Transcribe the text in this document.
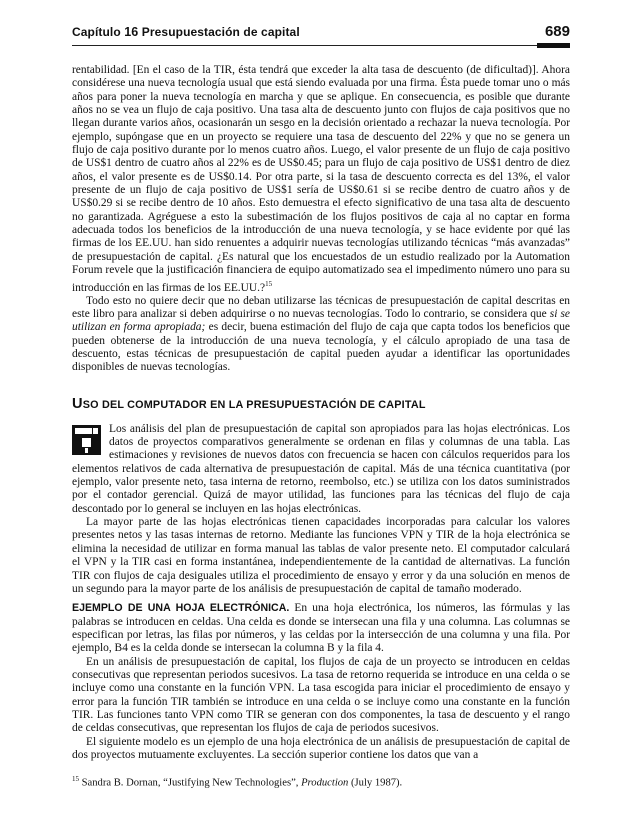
Capítulo 16 Presupuestación de capital	689

rentabilidad. [En el caso de la TIR, ésta tendrá que exceder la alta tasa de descuento (de dificultad)]. Ahora considérese una nueva tecnología usual que está siendo evaluada por una firma. Ésta puede tomar uno o más años para poner la nueva tecnología en marcha y que se aplique. En consecuencia, es posible que durante años no se vea un flujo de caja positivo. Una tasa alta de descuento junto con flujos de caja positivos que no llegan durante varios años, ocasionarán un sesgo en la decisión orientado a rechazar la nueva tecnología. Por ejemplo, supóngase que en un proyecto se requiere una tasa de descuento del 22% y que no se genera un flujo de caja positivo durante por lo menos cuatro años. Luego, el valor presente de un flujo de caja positivo de US$1 dentro de cuatro años al 22% es de US$0.45; para un flujo de caja positivo de US$1 dentro de diez años, el valor presente es de US$0.14. Por otra parte, si la tasa de descuento correcta es del 13%, el valor presente de un flujo de caja positivo de US$1 sería de US$0.61 si se recibe dentro de cuatro años y de US$0.29 si se recibe dentro de 10 años. Esto demuestra el efecto significativo de una tasa alta de descuento no garantizada. Agréguese a esto la subestimación de los flujos positivos de caja al no captar en forma adecuada todos los beneficios de la introducción de una nueva tecnología, y se hace evidente por qué las firmas de los EE.UU. han sido renuentes a adquirir nuevas tecnologías utilizando técnicas “más avanzadas” de presupuestación de capital. ¿Es natural que los encuestados de un estudio realizado por la Automation Forum revele que la justificación financiera de equipo automatizado sea el impedimento número uno para su introducción en las firmas de los EE.UU.?$^{15}$

Todo esto no quiere decir que no deban utilizarse las técnicas de presupuestación de capital descritas en este libro para analizar si deben adquirirse o no nuevas tecnologías. Todo lo contrario, se considera que si se utilizan en forma apropiada; es decir, buena estimación del flujo de caja que capta todos los beneficios que pueden obtenerse de la introducción de una nueva tecnología, y el cálculo apropiado de una tasa de descuento, estas técnicas de presupuestación de capital pueden ayudar a identificar las oportunidades disponibles de nuevas tecnologías.

USO DEL COMPUTADOR EN LA PRESUPUESTACIÓN DE CAPITAL

Los análisis del plan de presupuestación de capital son apropiados para las hojas electrónicas. Los datos de proyectos comparativos generalmente se ordenan en filas y columnas de una tabla. Las estimaciones y revisiones de nuevos datos con frecuencia se hacen con cálculos requeridos para los elementos relativos de cada alternativa de presupuestación de capital. Más de una técnica cuantitativa (por ejemplo, valor presente neto, tasa interna de retorno, reembolso, etc.) se utiliza con los datos suministrados por el contador gerencial. Quizá de mayor utilidad, las funciones para las técnicas del flujo de caja descontado por lo general se incluyen en las hojas electrónicas.

La mayor parte de las hojas electrónicas tienen capacidades incorporadas para calcular los valores presentes netos y las tasas internas de retorno. Mediante las funciones VPN y TIR de la hoja electrónica se elimina la necesidad de utilizar en forma manual las tablas de valor presente neto. El computador calculará el VPN y la TIR casi en forma instantánea, independientemente de la cantidad de alternativas. La función TIR con flujos de caja desiguales utiliza el procedimiento de ensayo y error y da una solución en menos de un segundo para la mayor parte de los análisis de presupuestación de capital de tamaño moderado.

EJEMPLO DE UNA HOJA ELECTRÓNICA. En una hoja electrónica, los números, las fórmulas y las palabras se introducen en celdas. Una celda es donde se intersecan una fila y una columna. Las columnas se especifican por letras, las filas por números, y las celdas por la intersección de una columna y una fila. Por ejemplo, B4 es la celda donde se intersecan la columna B y la fila 4.

En un análisis de presupuestación de capital, los flujos de caja de un proyecto se introducen en celdas consecutivas que representan periodos sucesivos. La tasa de retorno requerida se introduce en una celda o se incluye como una constante en la función VPN. La tasa escogida para iniciar el procedimiento de ensayo y error para la función TIR también se introduce en una celda o se incluye como una constante en la función TIR. Las funciones tanto VPN como TIR se generan con dos componentes, la tasa de descuento y el rango de celdas consecutivas, que representan los flujos de caja de periodos sucesivos.

El siguiente modelo es un ejemplo de una hoja electrónica de un análisis de presupuestación de capital de dos proyectos mutuamente excluyentes. La sección superior contiene los datos que van a

$^{15}$ Sandra B. Dornan, “Justifying New Technologies”, Production (July 1987).
